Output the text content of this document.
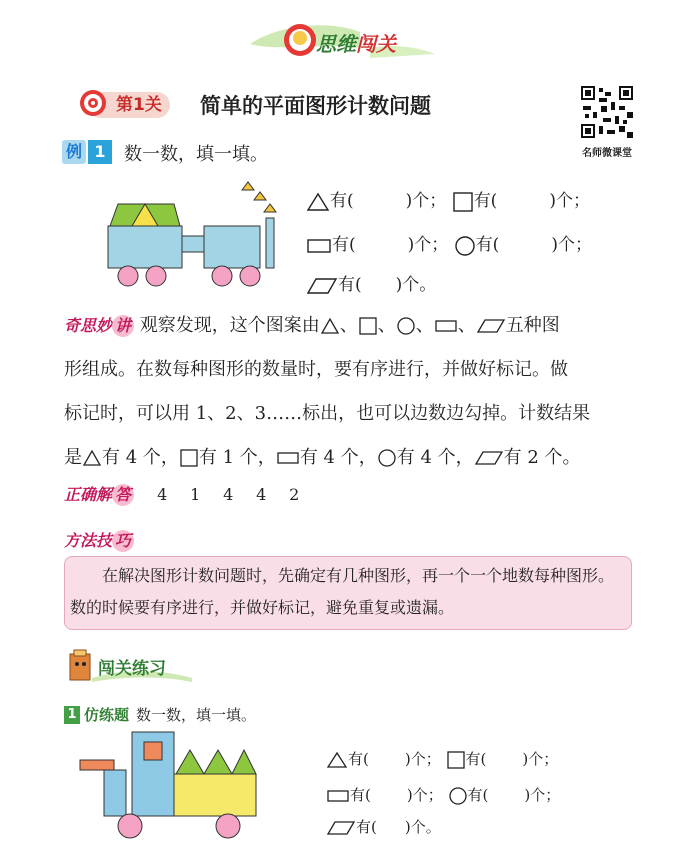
思维闯关
第1关	简单的平面图形计数问题
名师微课堂
例 1	数一数，填一填。
有(	)个； 有(	)个；
有(	)个； 有(	)个；
有( )个。
奇思妙 讲 观察发现，这个图案由 、 、 、 、 五种图
形组成。在数每种图形的数量时，要有序进行，并做好标记。做
标记时，可以用 1、2、3……标出，也可以边数边勾掉。计数结果
是 有 4 个， 有 1 个， 有 4 个， 有 4 个， 有 2 个。
正确解 答 4 1 4 4 2
方法技 巧
在解决图形计数问题时，先确定有几种图形，再一个一个地数每种图形。数的时候要有序进行，并做好标记，避免重复或遗漏。
闯关练习
1 仿练题 数一数，填一填。
有( )个； 有( )个；
有( )个； 有( )个；
有( )个。
